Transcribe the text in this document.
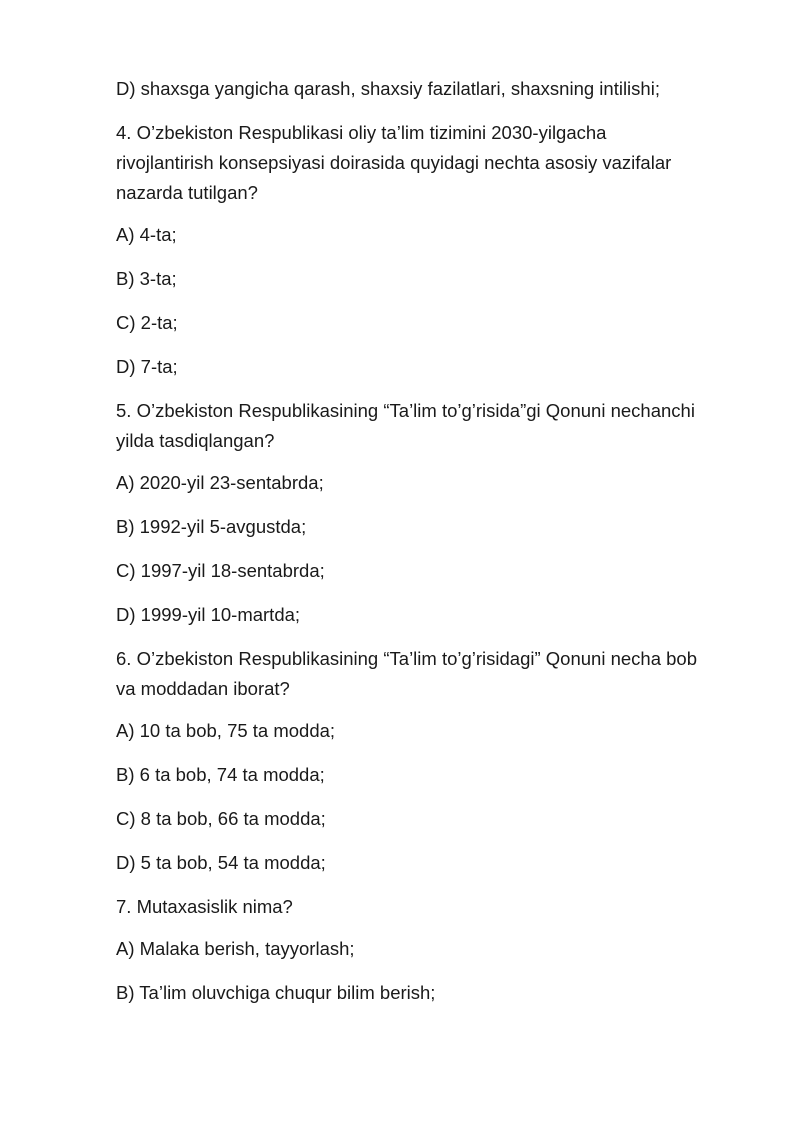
D) shaxsga yangicha qarash, shaxsiy fazilatlari, shaxsning intilishi;

4. O’zbekiston Respublikasi oliy ta’lim tizimini 2030-yilgacha

rivojlantirish konsepsiyasi doirasida quyidagi nechta asosiy vazifalar

nazarda tutilgan?

A) 4-ta;

B) 3-ta;

C) 2-ta;

D) 7-ta;

5. O’zbekiston Respublikasining “Ta’lim to’g’risida”gi Qonuni nechanchi

yilda tasdiqlangan?

A) 2020-yil 23-sentabrda;

B) 1992-yil 5-avgustda;

C) 1997-yil 18-sentabrda;

D) 1999-yil 10-martda;

6. O’zbekiston Respublikasining “Ta’lim to’g’risidagi” Qonuni necha bob

va moddadan iborat?

A) 10 ta bob, 75 ta modda;

B) 6 ta bob, 74 ta modda;

C) 8 ta bob, 66 ta modda;

D) 5 ta bob, 54 ta modda;

7. Mutaxasislik nima?

A) Malaka berish, tayyorlash;

B) Ta’lim oluvchiga chuqur bilim berish;
